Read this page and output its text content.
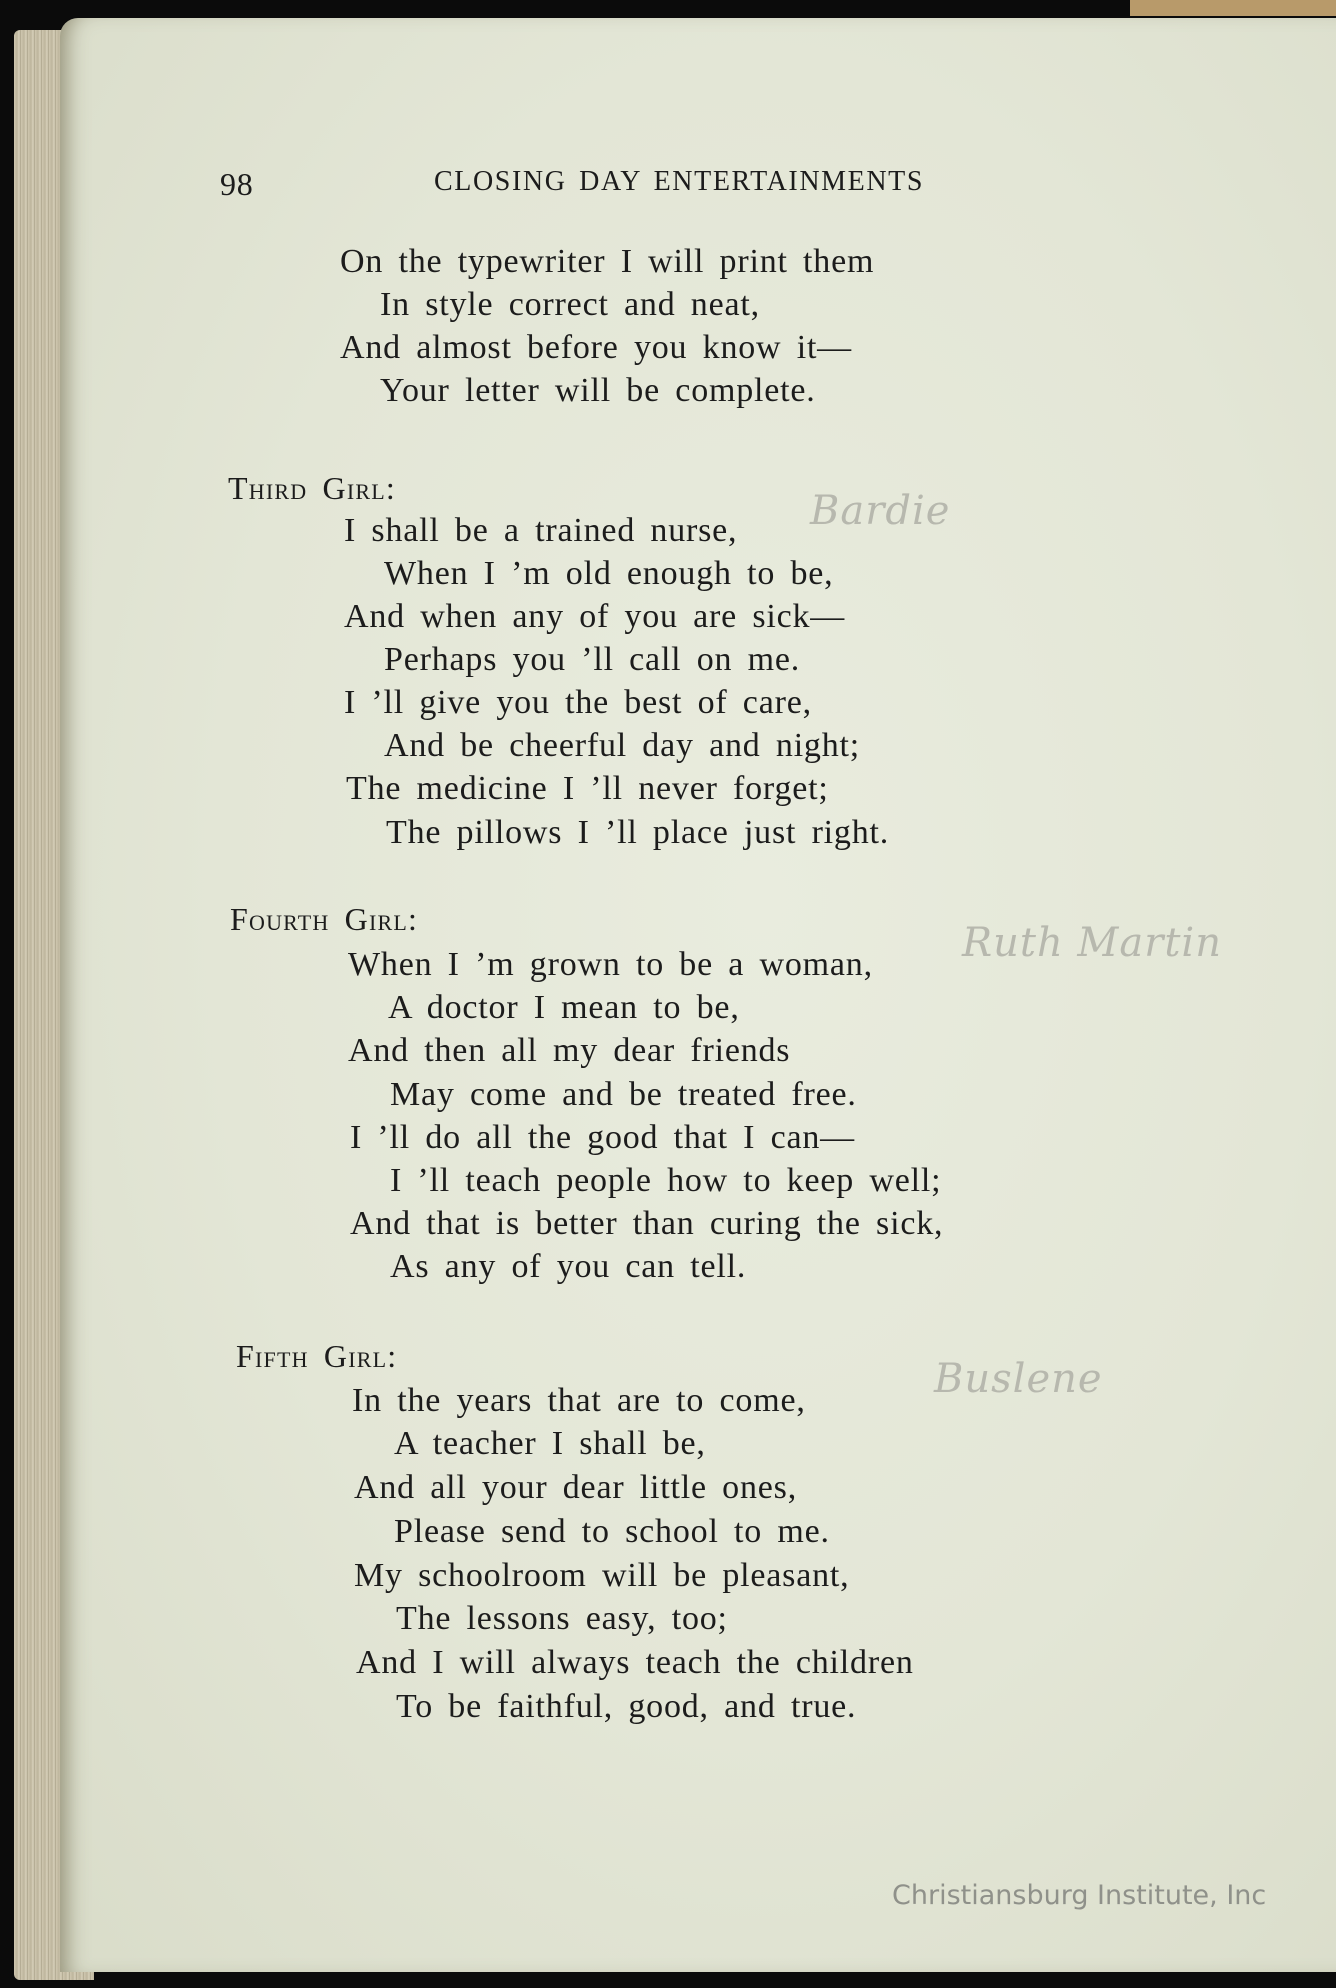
98	CLOSING DAY ENTERTAINMENTS
On the typewriter I will print them
In style correct and neat,
And almost before you know it—
Your letter will be complete.
Third Girl:	Bardie
I shall be a trained nurse,
When I ’m old enough to be,
And when any of you are sick—
Perhaps you ’ll call on me.
I ’ll give you the best of care,
And be cheerful day and night;
The medicine I ’ll never forget;
The pillows I ’ll place just right.
Fourth Girl:
Ruth Martin
When I ’m grown to be a woman,
A doctor I mean to be,
And then all my dear friends
May come and be treated free.
I ’ll do all the good that I can—
I ’ll teach people how to keep well;
And that is better than curing the sick,
As any of you can tell.
Fifth Girl:	Buslene
In the years that are to come,
A teacher I shall be,
And all your dear little ones,
Please send to school to me.
My schoolroom will be pleasant,
The lessons easy, too;
And I will always teach the children
To be faithful, good, and true.
Christiansburg Institute, Inc
